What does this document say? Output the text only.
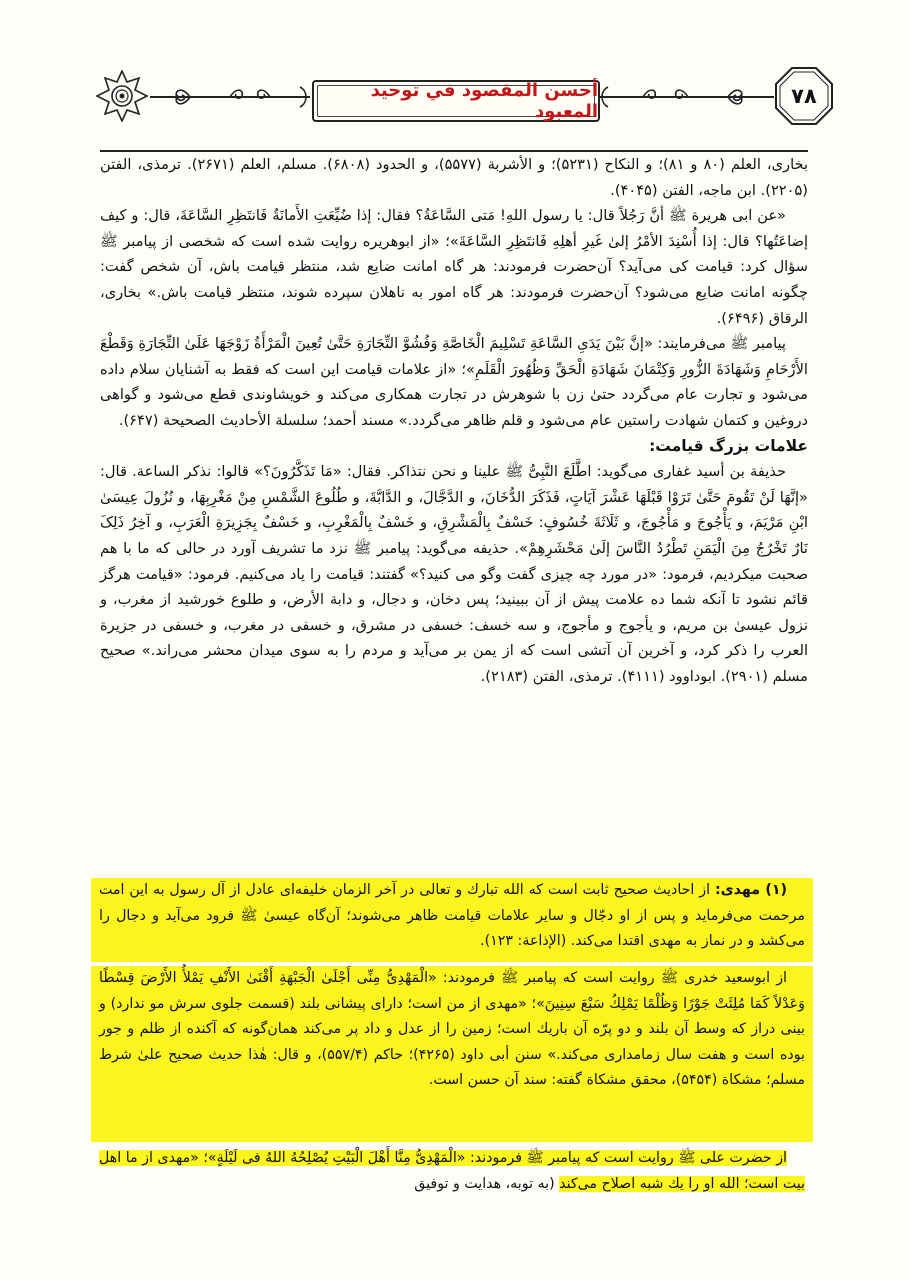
أحسن المقصود في توحيد المعبود
۷۸

بخاری، العلم (۸۰ و ۸۱)؛ و النکاح (۵۲۳۱)؛ و الأشربة (۵۵۷۷)، و الحدود (۶۸۰۸). مسلم، العلم (۲۶۷۱). ترمذی، الفتن (۲۲۰۵). ابن ماجه، الفتن (۴۰۴۵).

«عن ابی هریرة ﷺ أنَّ رَجُلاً قال: یا رسول اللهِ! مَتی السَّاعَةُ؟ فقال: إذا ضُیِّعَتِ الأَمانَةُ فَانتَظِرِ السَّاعَةَ، قال: و کیف إضاعَتُها؟ قال: إذا أُسْنِدَ الأمْرُ إلیٰ غَیرِ أهلِهِ فَانتَظِرِ السَّاعَةَ»؛ «از ابوهریره روایت شده است که شخصی از پیامبر ﷺ سؤال کرد: قیامت کی می‌آید؟ آن‌حضرت فرمودند: هر گاه امانت ضایع شد، منتظر قیامت باش، آن شخص گفت: چگونه امانت ضایع می‌شود؟ آن‌حضرت فرمودند: هر گاه امور به ناهلان سپرده شوند، منتظر قیامت باش.» بخاری، الرقاق (۶۴۹۶).

پیامبر ﷺ می‌فرمایند: «إنَّ بَیْنَ یَدَیِ السَّاعَةِ تَسْلِیمَ الْخَاصَّةِ وَفُشُوَّ التِّجَارَةِ حَتَّیٰ تُعِینَ الْمَرْأَةُ زَوْجَهَا عَلَیٰ التِّجَارَةِ وَقَطْعَ الأَرْحَامِ وَشَهَادَةَ الزُّورِ وَکِتْمَانَ شَهَادَةِ الْحَقِّ وَظُهُورَ الْقَلَمِ»؛ «از علامات قیامت این است که فقط به آشنایان سلام داده می‌شود و تجارت عام می‌گردد حتیٰ زن با شوهرش در تجارت همکاری می‌کند و خویشاوندی قطع می‌شود و گواهی دروغین و کتمان شهادت راستین عام می‌شود و قلم ظاهر می‌گردد.» مسند أحمد؛ سلسلة الأحادیث الصحیحة (۶۴۷).

علامات بزرگ قیامت:

حذیفة بن أسید غفاری می‌گوید: اطَّلَعَ النَّبِیُّ ﷺ علینا و نحن نتذاکر. فقال: «مَا تَذَکَّرُونَ؟» قالوا: نذکر الساعة. قال: «إنَّهَا لَنْ تَقُومَ حَتَّیٰ تَرَوْا قَبْلَهَا عَشْرَ آیَاتٍ، فَذَکَرَ الدُّخَانَ، و الدَّجَّالَ، و الدَّابَّةَ، و طُلُوعَ الشَّمْسِ مِنْ مَغْرِبِهَا، و نُزُولَ عِیسَیٰ ابْنِ مَرْیَمَ، و یَأْجُوجَ و مَأْجُوجَ، و ثَلَاثَةَ خُسُوفٍ: خَسْفٌ بِالْمَشْرِقِ، و خَسْفٌ بِالْمَغْرِبِ، و خَسْفٌ بِجَزِیرَةِ الْعَرَبِ، و آخِرُ ذَلِکَ نَارٌ تَخْرُجُ مِنَ الْیَمَنِ تَطْرُدُ النَّاسَ إلَیٰ مَحْشَرِهِمْ». حذیفه می‌گوید: پیامبر ﷺ نزد ما تشریف آورد در حالی که ما با هم صحبت میکردیم، فرمود: «در مورد چه چیزی گفت وگو می کنید؟» گفتند: قیامت را یاد می‌کنیم. فرمود: «قیامت هرگز قائم نشود تا آنکه شما ده علامت پیش از آن ببینید؛ پس دخان، و دجال، و دابة الأرض، و طلوع خورشید از مغرب، و نزول عیسیٰ بن مریم، و یأجوج و مأجوج، و سه خسف: خسفی در مشرق، و خسفی در مغرب، و خسفی در جزیرة العرب را ذکر کرد، و آخرین آن آتشی است که از یمن بر می‌آید و مردم را به سوی میدان محشر می‌راند.» صحیح مسلم (۲۹۰۱). ابوداوود (۴۱۱۱). ترمذی، الفتن (۲۱۸۳).

(۱) مهدی: از احادیث صحیح ثابت است که الله تبارك و تعالی در آخر الزمان خلیفه‌ای عادل از آل رسول به این امت مرحمت می‌فرماید و پس از او دجّال و سایر علامات قیامت ظاهر می‌شوند؛ آن‌گاه عیسیٰ ﷺ فرود می‌آید و دجال را می‌کشد و در نماز به مهدی اقتدا می‌کند. (الإذاعة: ۱۲۳).

از ابوسعید خدری ﷺ روایت است که پیامبر ﷺ فرمودند: «الْمَهْدِیُّ مِنِّی أَجْلَیٰ الْجَبْهَةِ أَقْنَیٰ الأَنْفِ یَمْلأُ الأَرْضَ قِسْطًا وَعَدْلاً کَمَا مُلِئَتْ جَوْرًا وَظُلْمًا یَمْلِكُ سَبْعَ سِنِینَ»؛ «مهدی از من است؛ دارای پیشانی بلند (قسمت جلوی سرش مو ندارد) و بینی دراز که وسط آن بلند و دو پرّه آن باریك است؛ زمین را از عدل و داد پر می‌کند همان‌گونه که آکنده از ظلم و جور بوده است و هفت سال زمامداری می‌کند.» سنن أبی داود (۴۲۶۵)؛ حاکم (۵۵۷/۴)، و قال: هٰذا حدیث صحیح علیٰ شرط مسلم؛ مشکاة (۵۴۵۴)، محقق مشکاة گفته: سند آن حسن است.

از حضرت علی ﷺ روایت است که پیامبر ﷺ فرمودند: «الْمَهْدِیُّ مِنَّا أَهْلَ الْبَیْتِ یُصْلِحُهُ اللهُ فی لَیْلَةٍ»؛ «مهدی از ما اهل بیت است؛ الله او را یك شبه اصلاح می‌کند (به توبه، هدایت و توفیق
